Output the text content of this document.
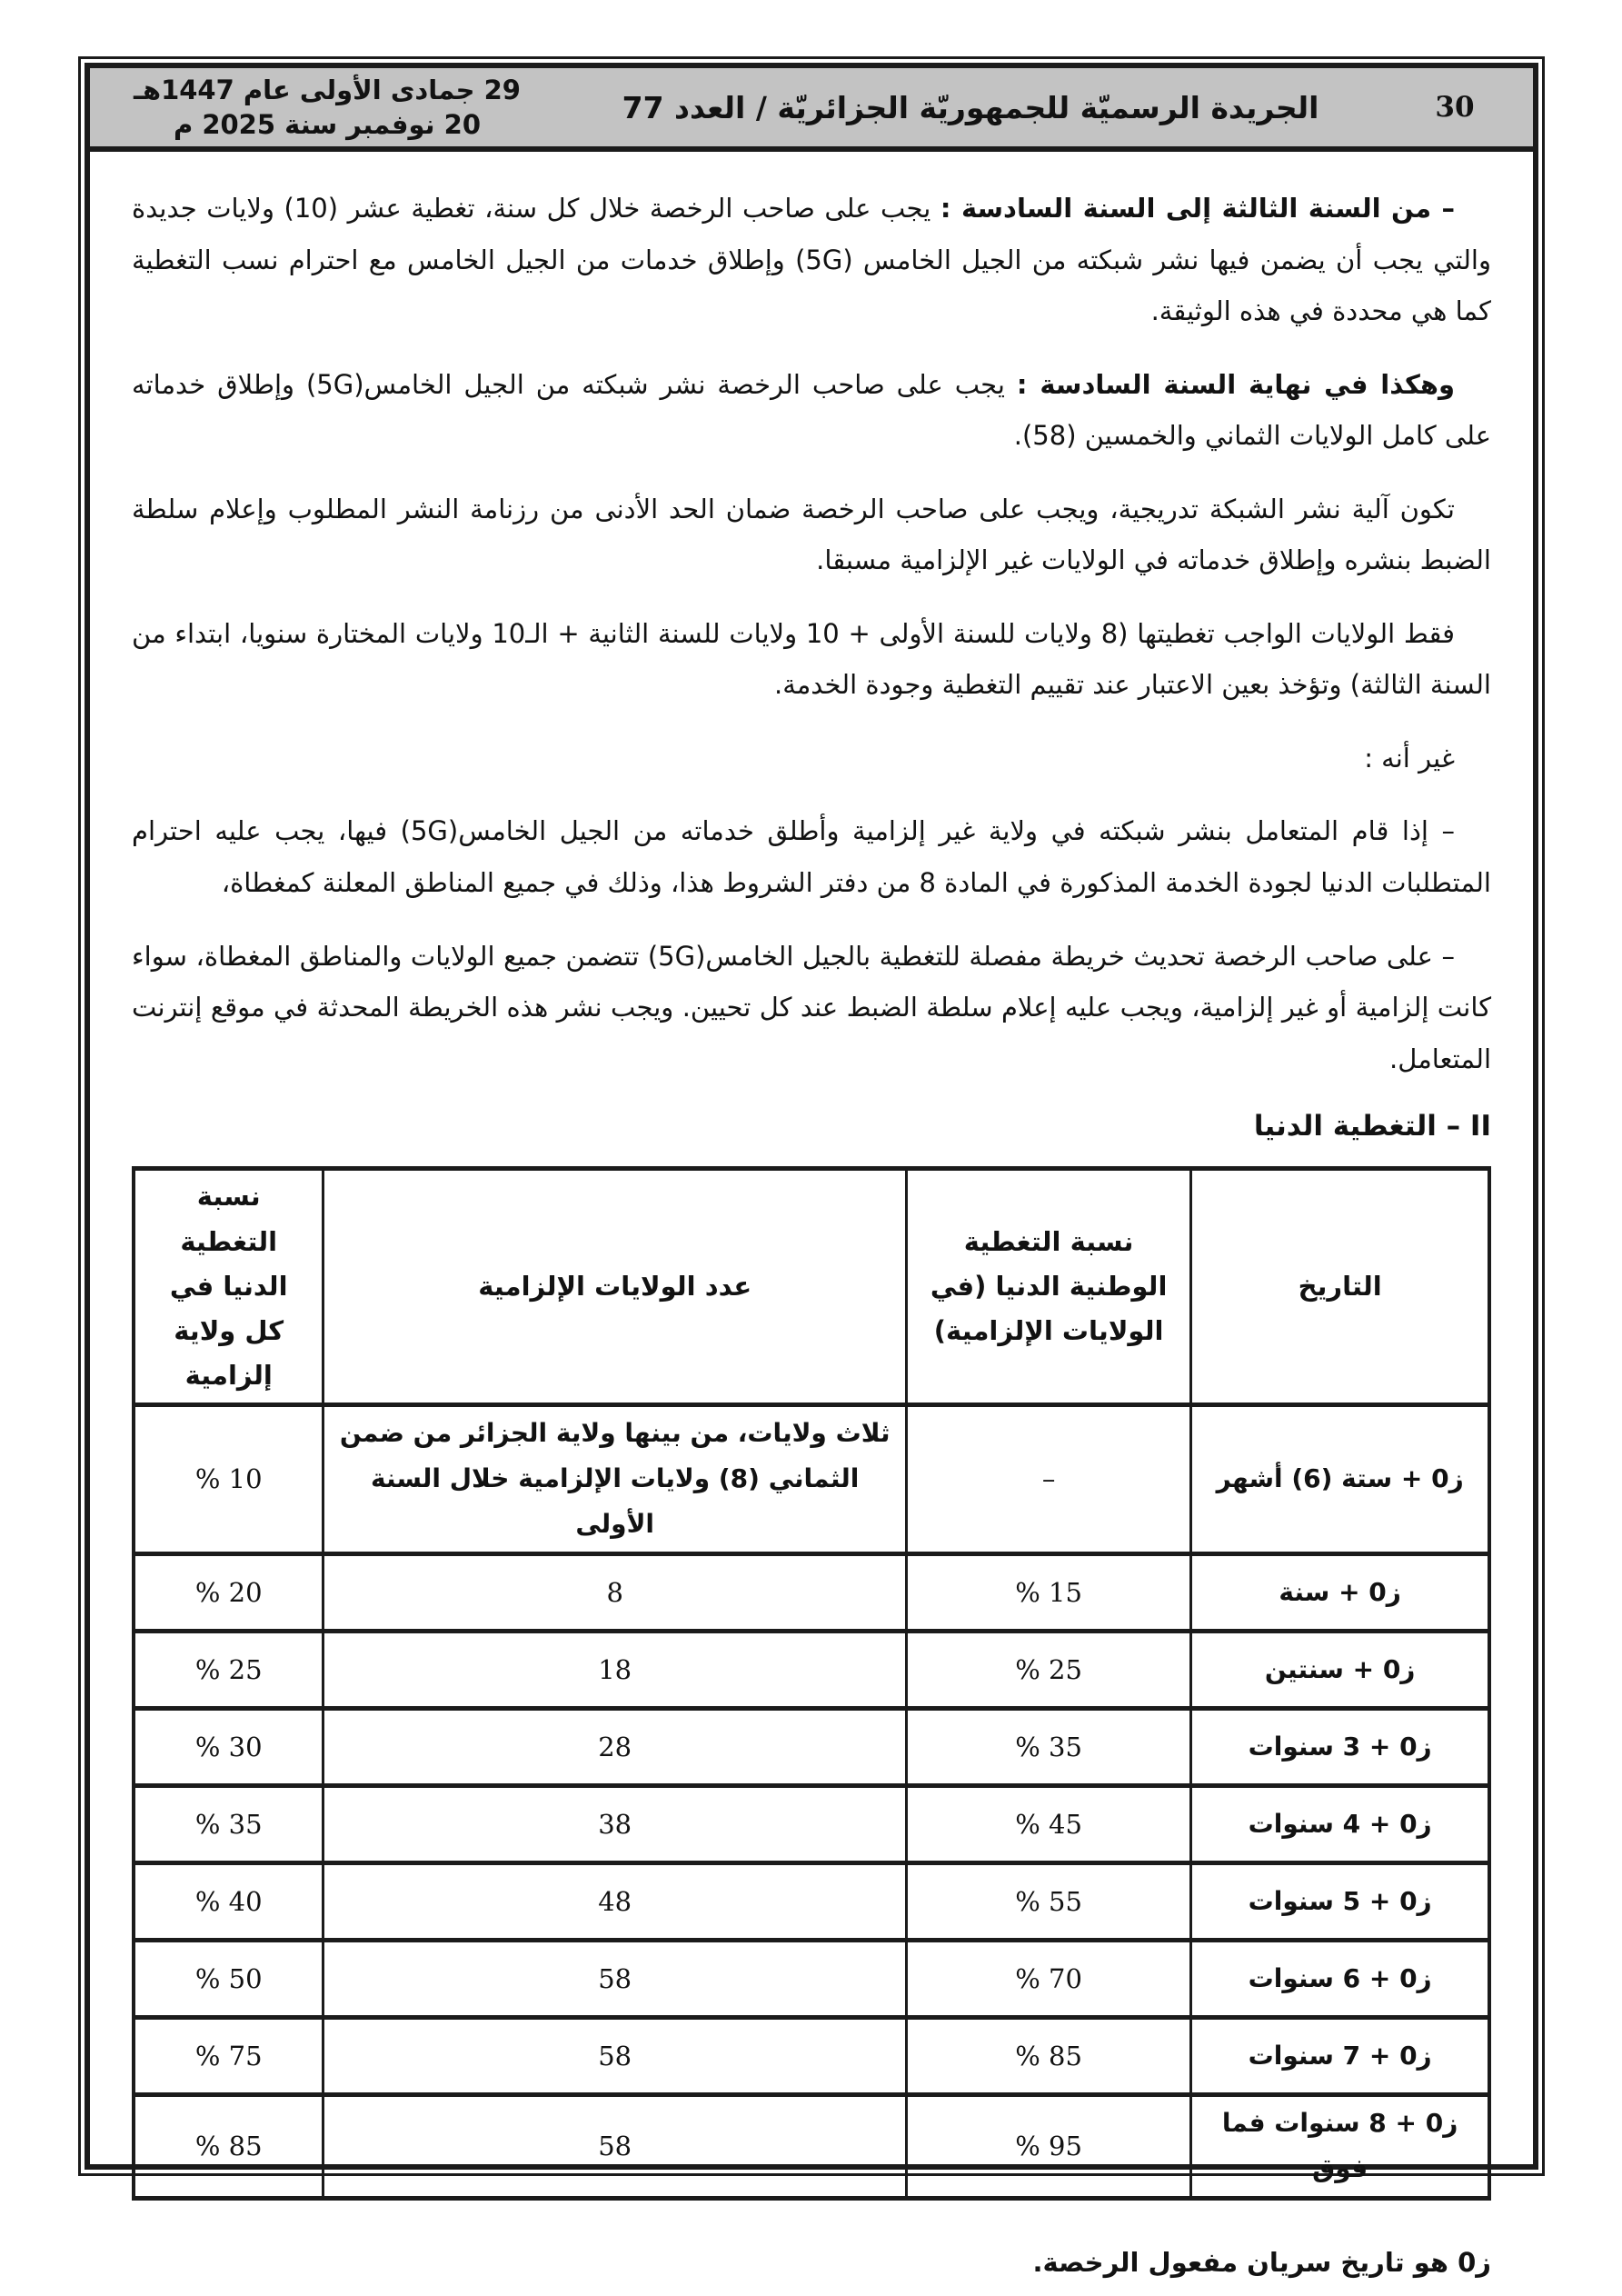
29 جمادى الأولى عام 1447هـ
20 نوفمبر سنة 2025 م	الجريدة الرسميّة للجمهوريّة الجزائريّة / العدد 77	30

– من السنة الثالثة إلى السنة السادسة : يجب على صاحب الرخصة خلال كل سنة، تغطية عشر (10) ولايات جديدة والتي يجب أن يضمن فيها نشر شبكته من الجيل الخامس (5G) وإطلاق خدمات من الجيل الخامس مع احترام نسب التغطية كما هي محددة في هذه الوثيقة.

وهكذا في نهاية السنة السادسة : يجب على صاحب الرخصة نشر شبكته من الجيل الخامس(5G) وإطلاق خدماته على كامل الولايات الثماني والخمسين (58).

تكون آلية نشر الشبكة تدريجية، ويجب على صاحب الرخصة ضمان الحد الأدنى من رزنامة النشر المطلوب وإعلام سلطة الضبط بنشره وإطلاق خدماته في الولايات غير الإلزامية مسبقا.

فقط الولايات الواجب تغطيتها (8 ولايات للسنة الأولى + 10 ولايات للسنة الثانية + الـ10 ولايات المختارة سنويا، ابتداء من السنة الثالثة) وتؤخذ بعين الاعتبار عند تقييم التغطية وجودة الخدمة.

غير أنه :

– إذا قام المتعامل بنشر شبكته في ولاية غير إلزامية وأطلق خدماته من الجيل الخامس(5G) فيها، يجب عليه احترام المتطلبات الدنيا لجودة الخدمة المذكورة في المادة 8 من دفتر الشروط هذا، وذلك في جميع المناطق المعلنة كمغطاة،

– على صاحب الرخصة تحديث خريطة مفصلة للتغطية بالجيل الخامس(5G) تتضمن جميع الولايات والمناطق المغطاة، سواء كانت إلزامية أو غير إلزامية، ويجب عليه إعلام سلطة الضبط عند كل تحيين. ويجب نشر هذه الخريطة المحدثة في موقع إنترنت المتعامل.

II – التغطية الدنيا
التاريخ	نسبة التغطية الوطنية الدنيا (في الولايات الإلزامية)	عدد الولايات الإلزامية	نسبة التغطية الدنيا في كل ولاية إلزامية
ز0 + ستة (6) أشهر	–	ثلاث ولايات، من بينها ولاية الجزائر من ضمن الثماني (8) ولايات الإلزامية خلال السنة الأولى	% 10
ز0 + سنة	% 15	8	% 20
ز0 + سنتين	% 25	18	% 25
ز0 + 3 سنوات	% 35	28	% 30
ز0 + 4 سنوات	% 45	38	% 35
ز0 + 5 سنوات	% 55	48	% 40
ز0 + 6 سنوات	% 70	58	% 50
ز0 + 7 سنوات	% 85	58	% 75
ز0 + 8 سنوات فما فوق	% 95	58	% 85

ز0 هو تاريخ سريان مفعول الرخصة.
